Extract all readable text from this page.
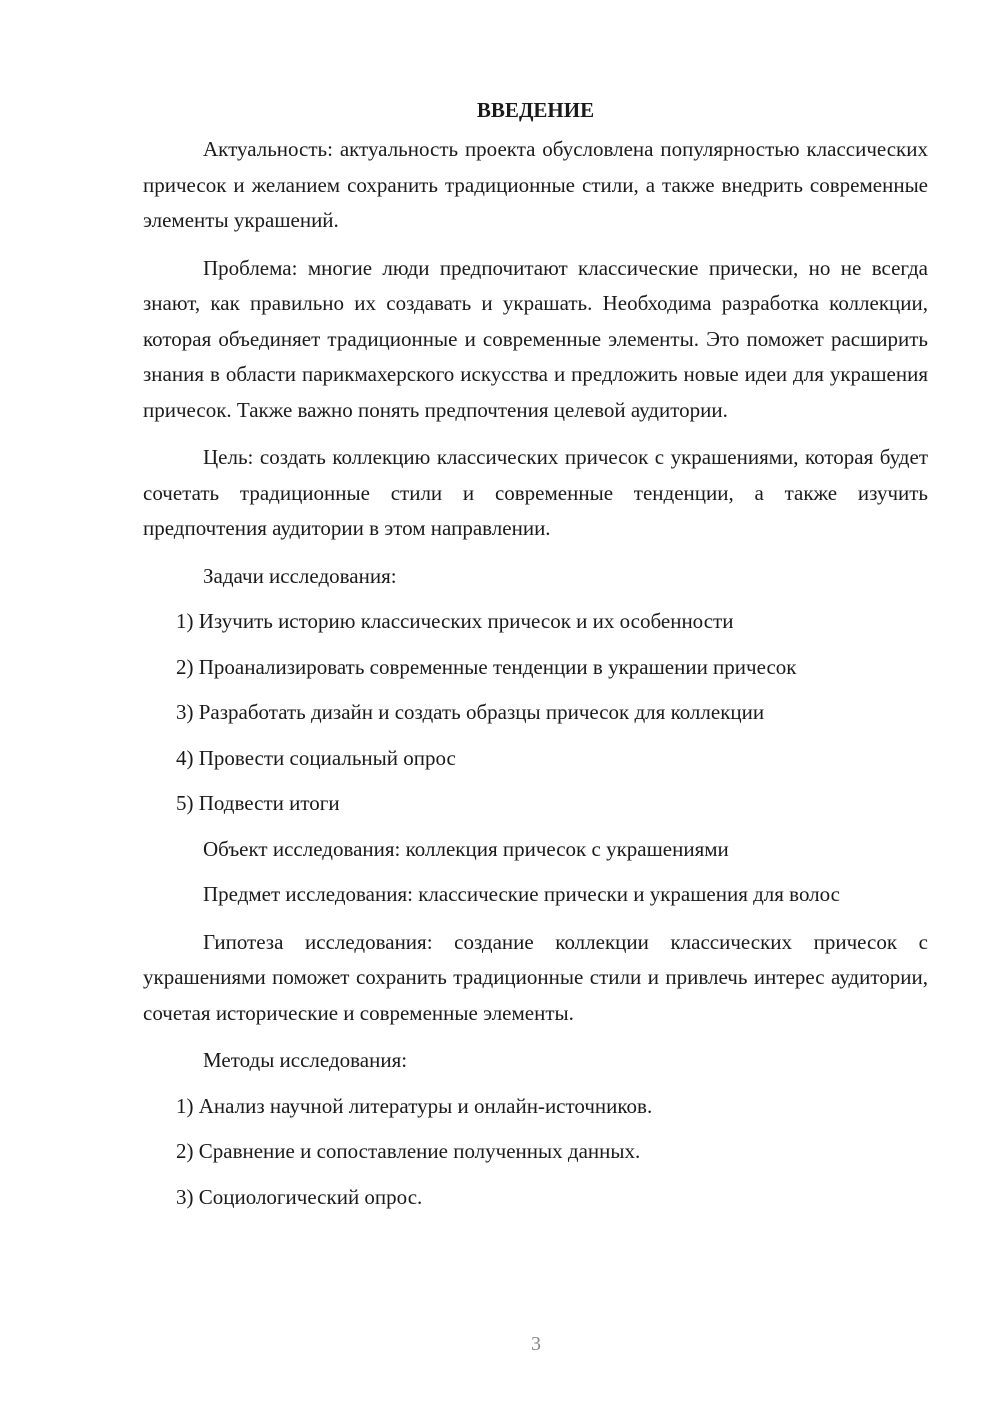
ВВЕДЕНИЕ

Актуальность: актуальность проекта обусловлена популярностью классических причесок и желанием сохранить традиционные стили, а также внедрить современные элементы украшений.

Проблема: многие люди предпочитают классические прически, но не всегда знают, как правильно их создавать и украшать. Необходима разработка коллекции, которая объединяет традиционные и современные элементы. Это поможет расширить знания в области парикмахерского искусства и предложить новые идеи для украшения причесок. Также важно понять предпочтения целевой аудитории.

Цель: создать коллекцию классических причесок с украшениями, которая будет сочетать традиционные стили и современные тенденции, а также изучить предпочтения аудитории в этом направлении.

Задачи исследования:

1) Изучить историю классических причесок и их особенности
2) Проанализировать современные тенденции в украшении причесок
3) Разработать дизайн и создать образцы причесок для коллекции
4) Провести социальный опрос
5) Подвести итоги

Объект исследования: коллекция причесок с украшениями

Предмет исследования: классические прически и украшения для волос

Гипотеза исследования: создание коллекции классических причесок с украшениями поможет сохранить традиционные стили и привлечь интерес аудитории, сочетая исторические и современные элементы.

Методы исследования:

1) Анализ научной литературы и онлайн-источников.
2) Сравнение и сопоставление полученных данных.
3) Социологический опрос.
3
